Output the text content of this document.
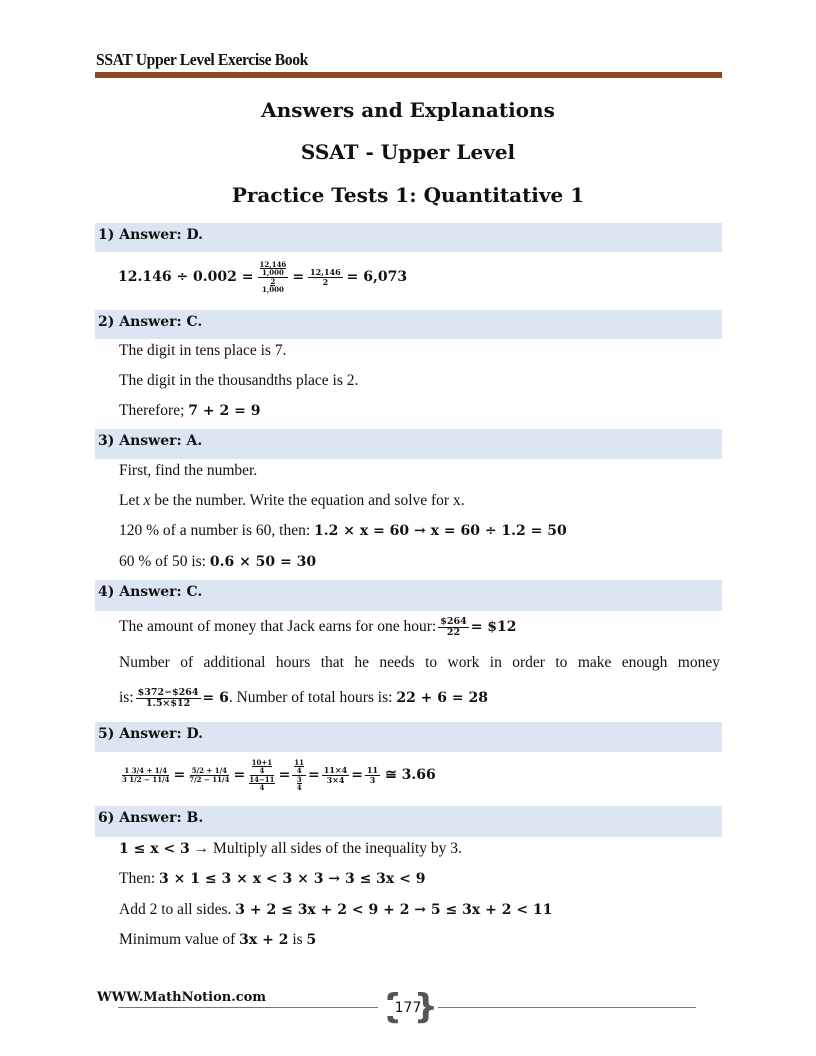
SSAT Upper Level Exercise Book
Answers and Explanations
SSAT - Upper Level
Practice Tests 1: Quantitative 1
1) Answer: D.
12.146 ÷ 0.002 = 12,146
1,000
2
$1,000 = \frac{12,146}{2} = 6,073$
2) Answer: C.
The digit in tens place is 7.
The digit in the thousandths place is 2.
Therefore; 7 + 2 = 9
3) Answer: A.
First, find the number.
Let x be the number. Write the equation and solve for x.
120 % of a number is 60, then: 1.2 × x = 60 → x = 60 ÷ 1.2 = 50
60 % of 50 is: 0.6 × 50 = 30
4) Answer: C.
The amount of money that Jack earns for one hour: $\frac{\$264}{22}$ = $12
Number of additional hours that he needs to work in order to make enough money
is: $\frac{\$372-\$264}{1.5\times\$12} = 6$ . Number of total hours is: 22 + 6 = 28
5) Answer: D.
$\frac{1 3/4 + 1/4}{3 1/2 - 11/4} = \frac{5/2 + 1/4}{7/2 - 11/4} = 10+1$
4
14−11
4 = 11
4
3
$4 = \frac{11\times 4}{3\times 4} = \frac{11}{3}$ ≅ 3.66
6) Answer: B.
1 ≤ x < 3 → Multiply all sides of the inequality by 3.
Then: 3 × 1 ≤ 3 × x < 3 × 3 → 3 ≤ 3x < 9
Add 2 to all sides. 3 + 2 ≤ 3x + 2 < 9 + 2 → 5 ≤ 3x + 2 < 11
Minimum value of 3x + 2 is 5
WWW.MathNotion.com
177
}
